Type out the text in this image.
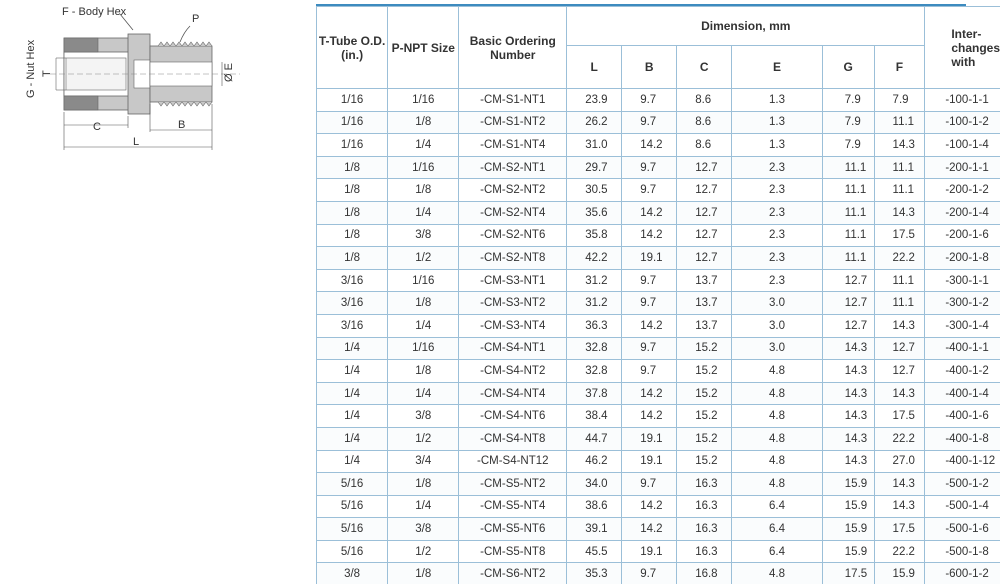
F - Body Hex
P
G - Nut Hex T	Ø E
C	B
L
T-Tube O.D. (in.)	P-NPT Size	Basic Ordering Number	Dimension, mm						Inter- changes with
			L	B	C	E	G	F	
1/16	1/16	-CM-S1-NT1	23.9	9.7	8.6	1.3	7.9	7.9	-100-1-1
1/16	1/8	-CM-S1-NT2	26.2	9.7	8.6	1.3	7.9	11.1	-100-1-2
1/16	1/4	-CM-S1-NT4	31.0	14.2	8.6	1.3	7.9	14.3	-100-1-4
1/8	1/16	-CM-S2-NT1	29.7	9.7	12.7	2.3	11.1	11.1	-200-1-1
1/8	1/8	-CM-S2-NT2	30.5	9.7	12.7	2.3	11.1	11.1	-200-1-2
1/8	1/4	-CM-S2-NT4	35.6	14.2	12.7	2.3	11.1	14.3	-200-1-4
1/8	3/8	-CM-S2-NT6	35.8	14.2	12.7	2.3	11.1	17.5	-200-1-6
1/8	1/2	-CM-S2-NT8	42.2	19.1	12.7	2.3	11.1	22.2	-200-1-8
3/16	1/16	-CM-S3-NT1	31.2	9.7	13.7	2.3	12.7	11.1	-300-1-1
3/16	1/8	-CM-S3-NT2	31.2	9.7	13.7	3.0	12.7	11.1	-300-1-2
3/16	1/4	-CM-S3-NT4	36.3	14.2	13.7	3.0	12.7	14.3	-300-1-4
1/4	1/16	-CM-S4-NT1	32.8	9.7	15.2	3.0	14.3	12.7	-400-1-1
1/4	1/8	-CM-S4-NT2	32.8	9.7	15.2	4.8	14.3	12.7	-400-1-2
1/4	1/4	-CM-S4-NT4	37.8	14.2	15.2	4.8	14.3	14.3	-400-1-4
1/4	3/8	-CM-S4-NT6	38.4	14.2	15.2	4.8	14.3	17.5	-400-1-6
1/4	1/2	-CM-S4-NT8	44.7	19.1	15.2	4.8	14.3	22.2	-400-1-8
1/4	3/4	-CM-S4-NT12	46.2	19.1	15.2	4.8	14.3	27.0	-400-1-12
5/16	1/8	-CM-S5-NT2	34.0	9.7	16.3	4.8	15.9	14.3	-500-1-2
5/16	1/4	-CM-S5-NT4	38.6	14.2	16.3	6.4	15.9	14.3	-500-1-4
5/16	3/8	-CM-S5-NT6	39.1	14.2	16.3	6.4	15.9	17.5	-500-1-6
5/16	1/2	-CM-S5-NT8	45.5	19.1	16.3	6.4	15.9	22.2	-500-1-8
3/8	1/8	-CM-S6-NT2	35.3	9.7	16.8	4.8	17.5	15.9	-600-1-2
